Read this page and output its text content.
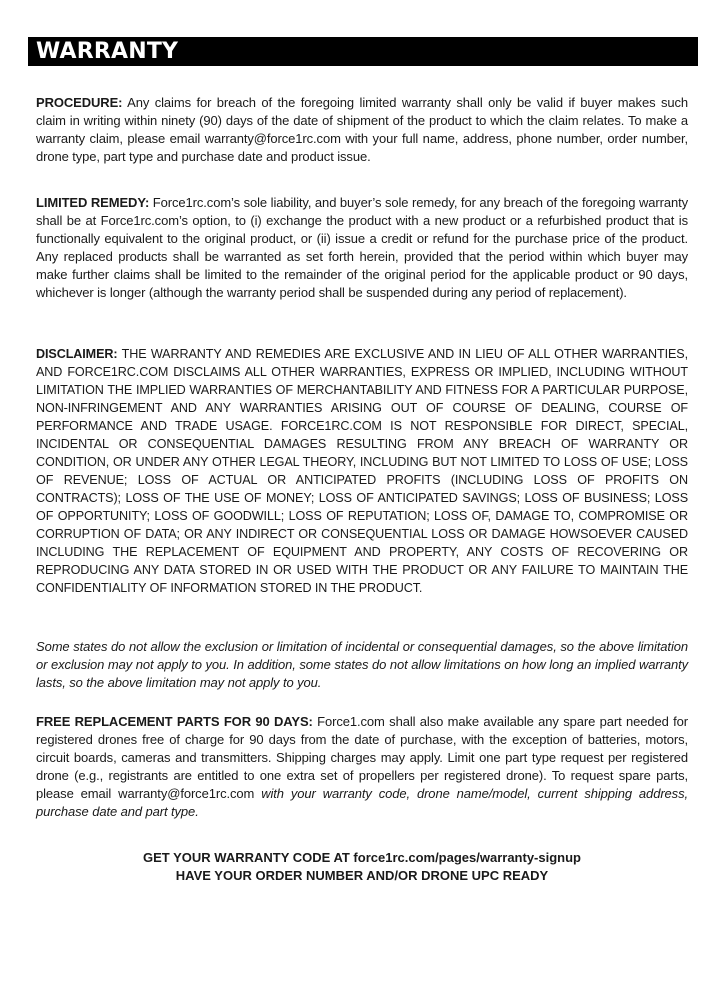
WARRANTY
PROCEDURE: Any claims for breach of the foregoing limited warranty shall only be valid if buyer makes such claim in writing within ninety (90) days of the date of shipment of the product to which the claim relates. To make a warranty claim, please email warranty@force1rc.com with your full name, address, phone number, order number, drone type, part type and purchase date and product issue.
LIMITED REMEDY: Force1rc.com’s sole liability, and buyer’s sole remedy, for any breach of the foregoing warranty shall be at Force1rc.com’s option, to (i) exchange the product with a new product or a refurbished product that is functionally equivalent to the original product, or (ii) issue a credit or refund for the purchase price of the product. Any replaced products shall be warranted as set forth herein, provided that the period within which buyer may make further claims shall be limited to the remainder of the original period for the applicable product or 90 days, whichever is longer (although the warranty period shall be suspended during any period of replacement).
DISCLAIMER: THE WARRANTY AND REMEDIES ARE EXCLUSIVE AND IN LIEU OF ALL OTHER WARRANTIES, AND FORCE1RC.COM DISCLAIMS ALL OTHER WARRANTIES, EXPRESS OR IMPLIED, INCLUDING WITHOUT LIMITATION THE IMPLIED WARRANTIES OF MERCHANTABILITY AND FITNESS FOR A PARTICULAR PURPOSE, NON-INFRINGEMENT AND ANY WARRANTIES ARISING OUT OF COURSE OF DEALING, COURSE OF PERFORMANCE AND TRADE USAGE. FORCE1RC.COM IS NOT RESPONSIBLE FOR DIRECT, SPECIAL, INCIDENTAL OR CONSEQUENTIAL DAMAGES RESULTING FROM ANY BREACH OF WARRANTY OR CONDITION, OR UNDER ANY OTHER LEGAL THEORY, INCLUDING BUT NOT LIMITED TO LOSS OF USE; LOSS OF REVENUE; LOSS OF ACTUAL OR ANTICIPATED PROFITS (INCLUDING LOSS OF PROFITS ON CONTRACTS); LOSS OF THE USE OF MONEY; LOSS OF ANTICIPATED SAVINGS; LOSS OF BUSINESS; LOSS OF OPPORTUNITY; LOSS OF GOODWILL; LOSS OF REPUTATION; LOSS OF, DAMAGE TO, COMPROMISE OR CORRUPTION OF DATA; OR ANY INDIRECT OR CONSEQUENTIAL LOSS OR DAMAGE HOWSOEVER CAUSED INCLUDING THE REPLACEMENT OF EQUIPMENT AND PROPERTY, ANY COSTS OF RECOVERING OR REPRODUCING ANY DATA STORED IN OR USED WITH THE PRODUCT OR ANY FAILURE TO MAINTAIN THE CONFIDENTIALITY OF INFORMATION STORED IN THE PRODUCT.
Some states do not allow the exclusion or limitation of incidental or consequential damages, so the above limitation or exclusion may not apply to you. In addition, some states do not allow limitations on how long an implied warranty lasts, so the above limitation may not apply to you.
FREE REPLACEMENT PARTS FOR 90 DAYS: Force1.com shall also make available any spare part needed for registered drones free of charge for 90 days from the date of purchase, with the exception of batteries, motors, circuit boards, cameras and transmitters. Shipping charges may apply. Limit one part type request per registered drone (e.g., registrants are entitled to one extra set of propellers per registered drone). To request spare parts, please email warranty@force1rc.com with your warranty code, drone name/model, current shipping address, purchase date and part type.
GET YOUR WARRANTY CODE AT force1rc.com/pages/warranty-signup
HAVE YOUR ORDER NUMBER AND/OR DRONE UPC READY
